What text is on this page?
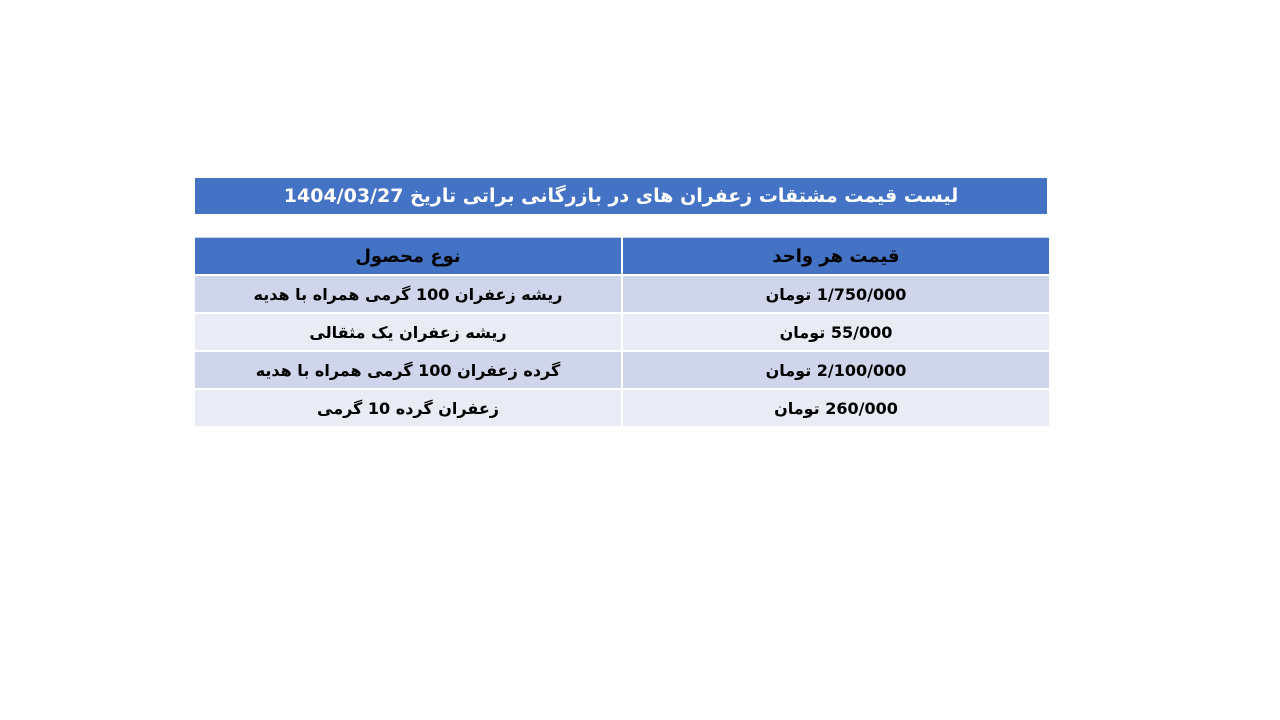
لیست قیمت مشتقات زعفران های در بازرگانی براتی تاریخ 1404/03/27
نوع محصول	قیمت هر واحد
ریشه زعفران 100 گرمی همراه با هدیه	1/750/000 تومان
ریشه زعفران یک مثقالی	55/000 تومان
گرده زعفران 100 گرمی همراه با هدیه	2/100/000 تومان
زعفران گرده 10 گرمی	260/000 تومان
